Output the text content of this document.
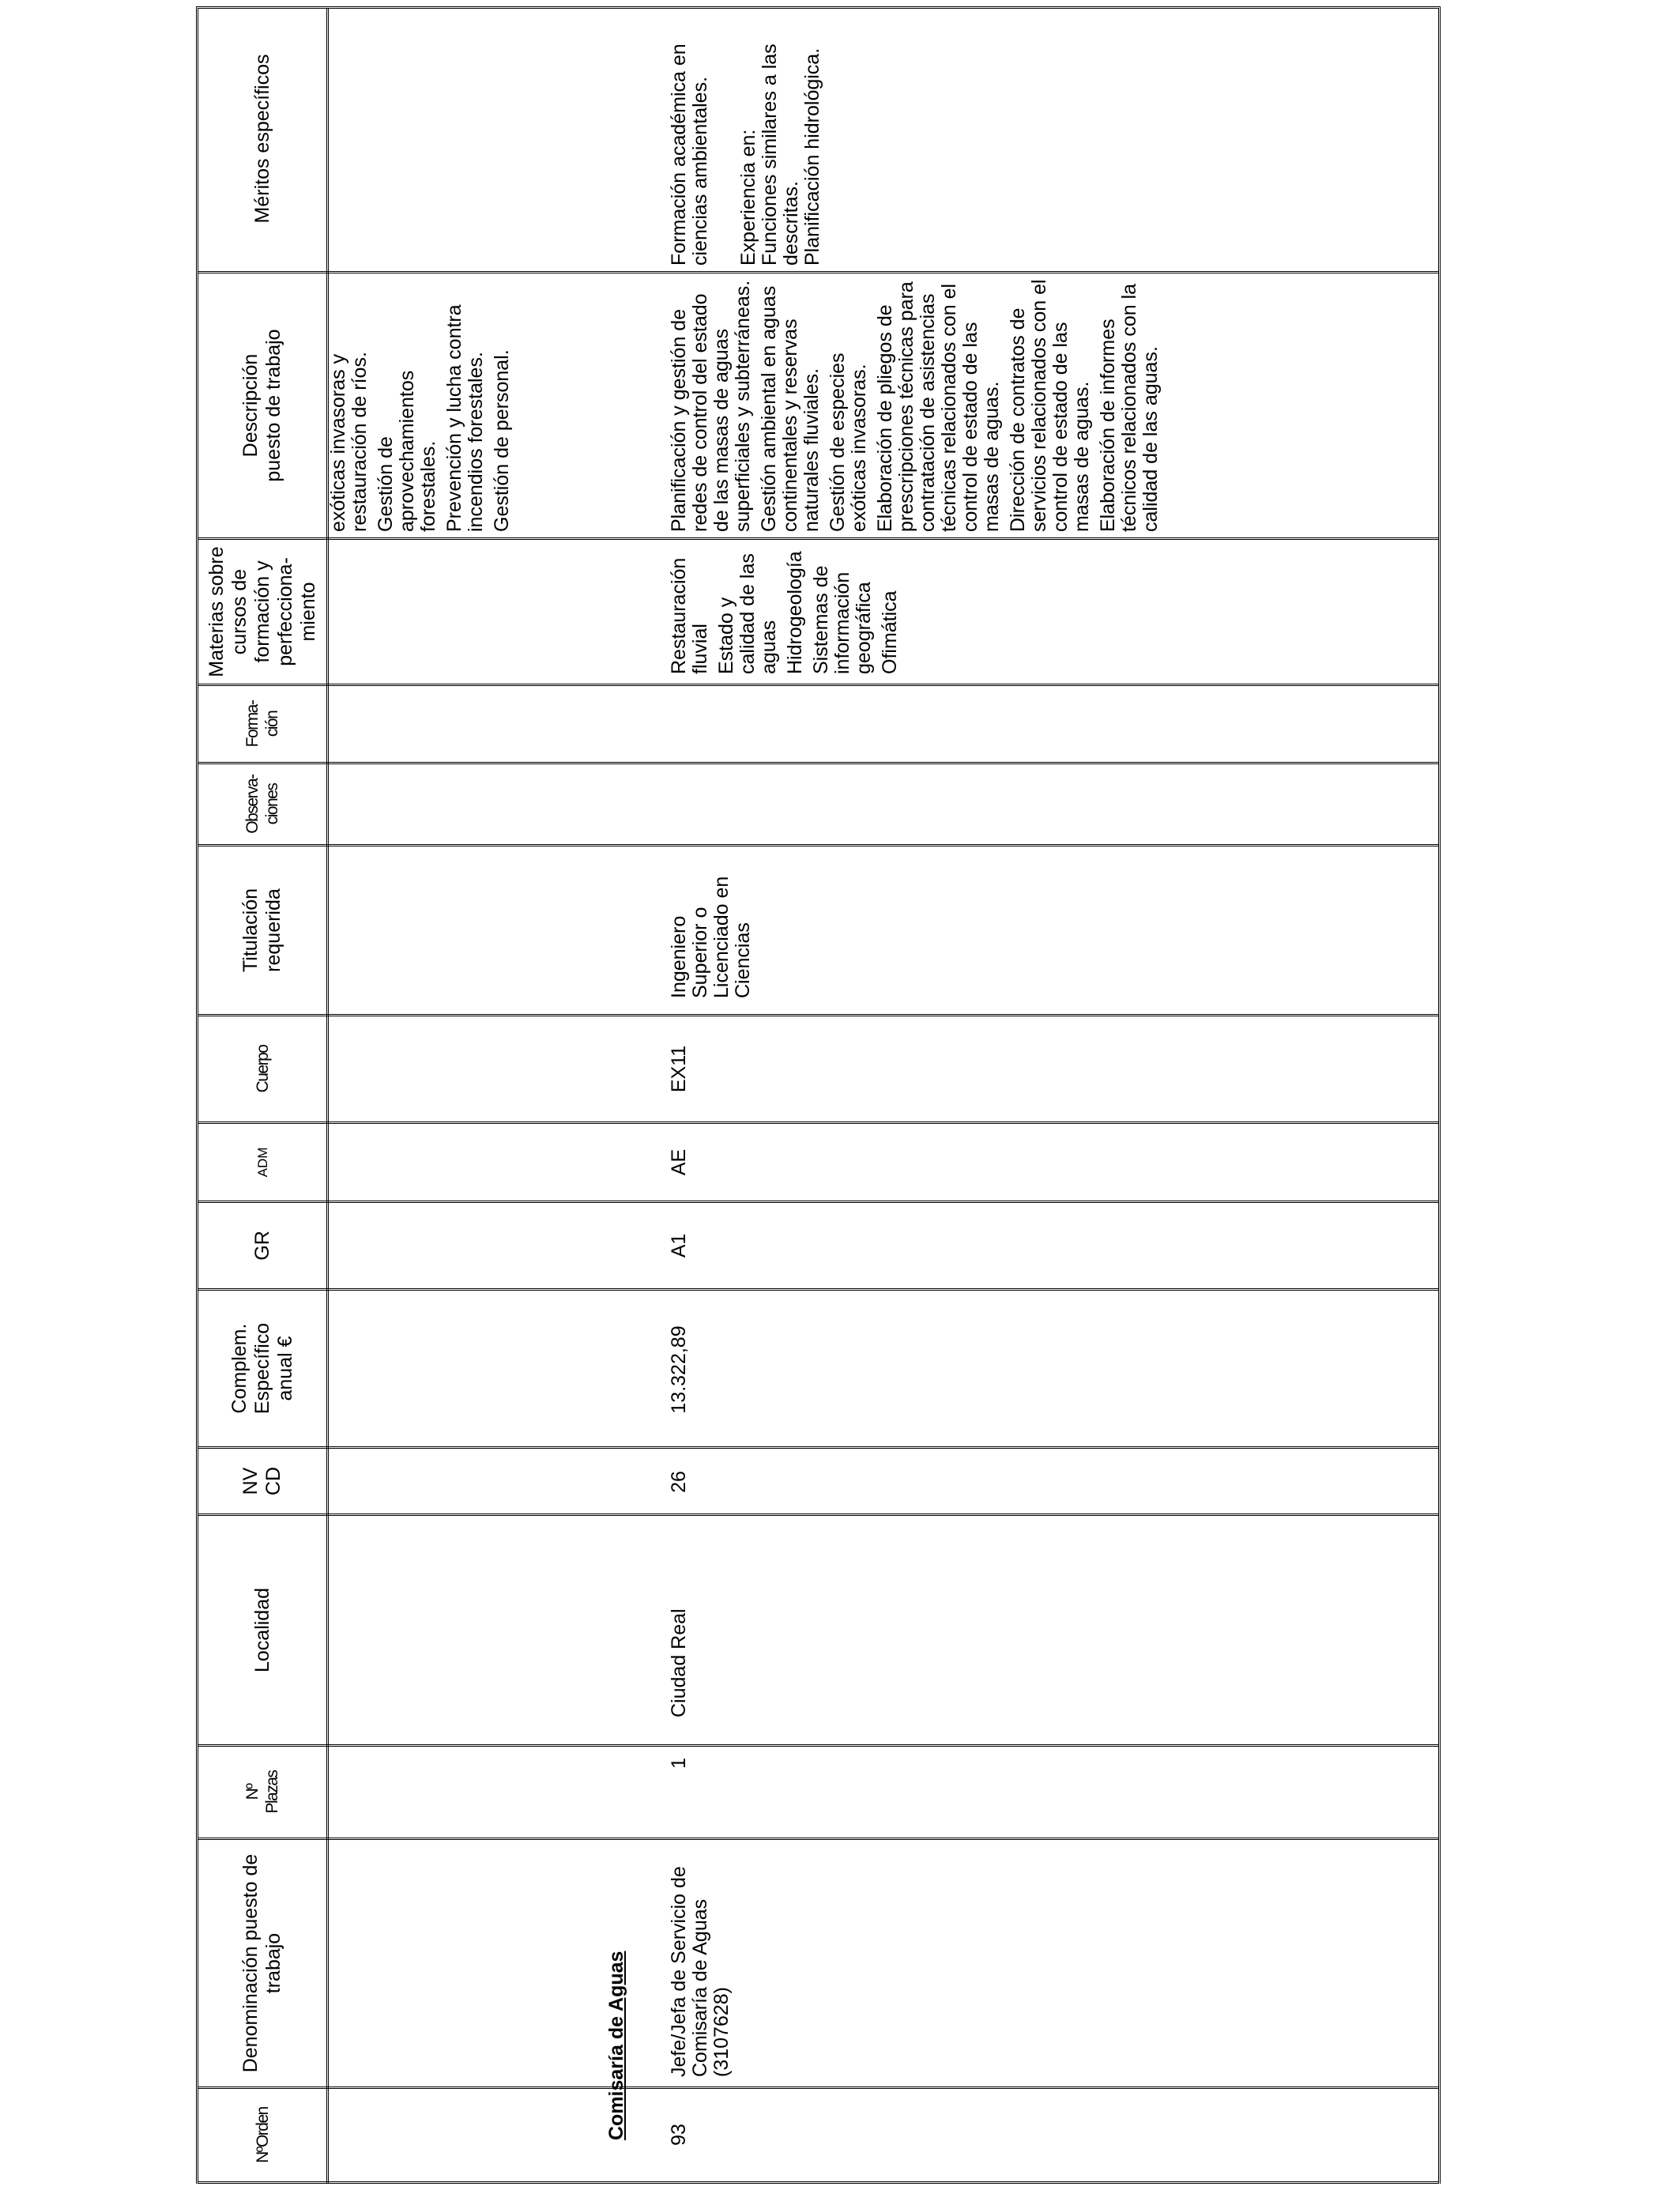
NºOrden
Denominación puesto de trabajo
Nº Plazas
Localidad
NV CD
Complem. Específico anual €
GR
ADM
Cuerpo
Titulación requerida
Observa-ciones
Forma-ción
Materias sobre cursos de formación y perfecciona-miento
Descripción puesto de trabajo
Méritos específicos

exóticas invasoras y restauración de ríos. Gestión de aprovechamientos forestales. Prevención y lucha contra incendios forestales. Gestión de personal.

Comisaría de Aguas 93
Jefe/Jefa de Servicio de Comisaría de Aguas (3107628)
1
Ciudad Real
26
13.322,89
A1
AE
EX11
Ingeniero Superior o Licenciado en Ciencias

Restauración fluvial Estado y calidad de las aguas Hidrogeología Sistemas de información geográfica Ofimática

Planificación y gestión de redes de control del estado de las masas de aguas superficiales y subterráneas. Gestión ambiental en aguas continentales y reservas naturales fluviales. Gestión de especies exóticas invasoras. Elaboración de pliegos de prescripciones técnicas para contratación de asistencias técnicas relacionados con el control de estado de las masas de aguas. Dirección de contratos de servicios relacionados con el control de estado de las masas de aguas. Elaboración de informes técnicos relacionados con la calidad de las aguas.

Formación académica en ciencias ambientales. Experiencia en: Funciones similares a las descritas. Planificación hidrológica.
